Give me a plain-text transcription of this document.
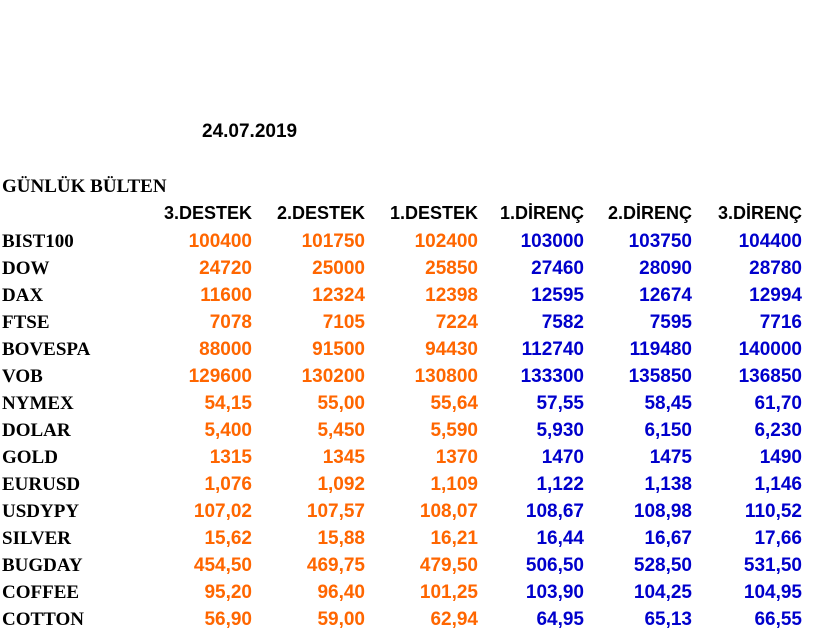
24.07.2019
GÜNLÜK BÜLTEN
3.DESTEK	2.DESTEK	1.DESTEK	1.DİRENÇ	2.DİRENÇ	3.DİRENÇ
BIST100	100400	101750	102400	103000	103750	104400
DOW	24720	25000	25850	27460	28090	28780
DAX	11600	12324	12398	12595	12674	12994
FTSE	7078	7105	7224	7582	7595	7716
BOVESPA	88000	91500	94430	112740	119480	140000
VOB	129600	130200	130800	133300	135850	136850
NYMEX	54,15	55,00	55,64	57,55	58,45	61,70
DOLAR	5,400	5,450	5,590	5,930	6,150	6,230
GOLD	1315	1345	1370	1470	1475	1490
EURUSD	1,076	1,092	1,109	1,122	1,138	1,146
USDYPY	107,02	107,57	108,07	108,67	108,98	110,52
SILVER	15,62	15,88	16,21	16,44	16,67	17,66
BUGDAY	454,50	469,75	479,50	506,50	528,50	531,50
COFFEE	95,20	96,40	101,25	103,90	104,25	104,95
COTTON	56,90	59,00	62,94	64,95	65,13	66,55
